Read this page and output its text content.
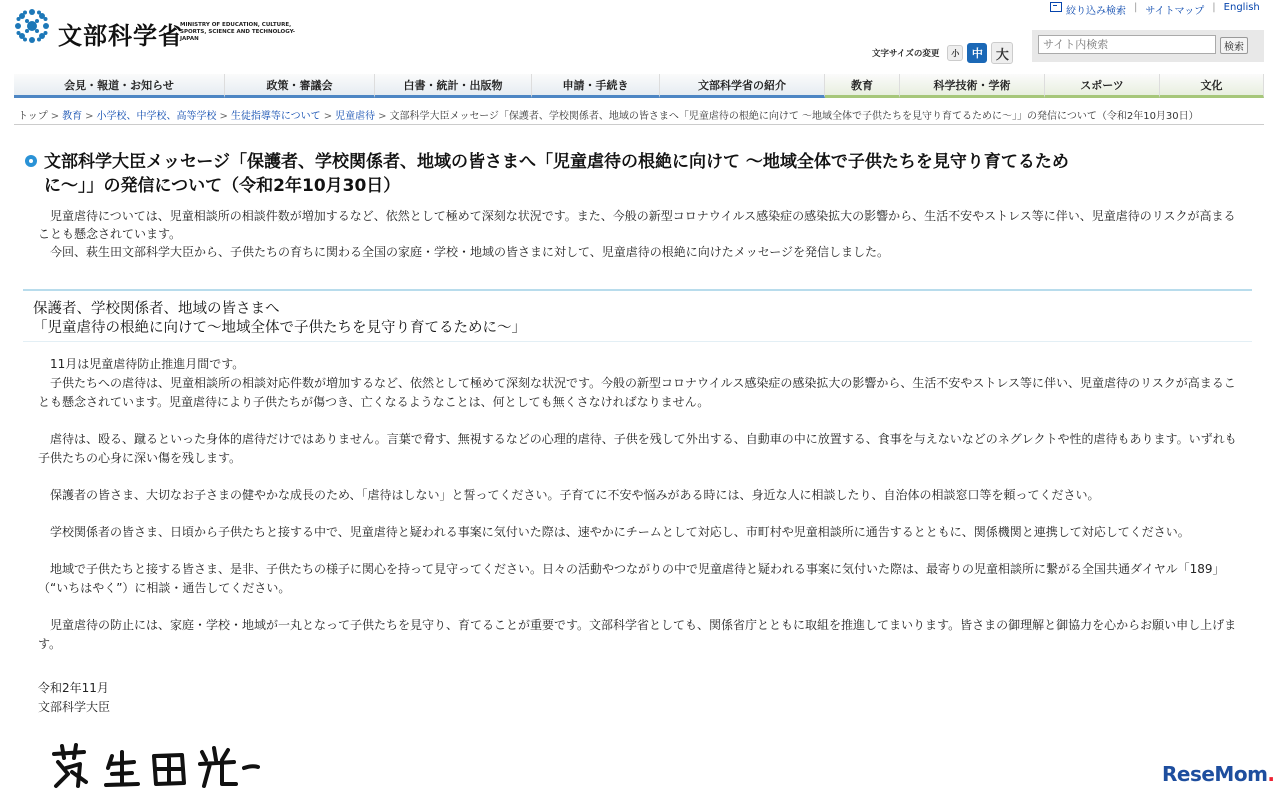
文部科学省
MINISTRY OF EDUCATION, CULTURE, SPORTS, SCIENCE AND TECHNOLOGY-JAPAN
絞り込み検索 | サイトマップ | English
サイト内検索
検索
文字サイズの変更	小	中 大
会見・報道・お知らせ	政策・審議会	白書・統計・出版物	申請・手続き	文部科学省の紹介	教育	科学技術・学術	スポーツ	文化
トップ > 教育 > 小学校、中学校、高等学校 > 生徒指導等について > 児童虐待 > 文部科学大臣メッセージ「保護者、学校関係者、地域の皆さまへ「児童虐待の根絶に向けて ～地域全体で子供たちを見守り育てるために～」」の発信について（令和2年10月30日）
文部科学大臣メッセージ「保護者、学校関係者、地域の皆さまへ「児童虐待の根絶に向けて ～地域全体で子供たちを見守り育てるため
に～」」の発信について（令和2年10月30日）

児童虐待については、児童相談所の相談件数が増加するなど、依然として極めて深刻な状況です。また、今般の新型コロナウイルス感染症の感染拡大の影響から、生活不安やストレス等に伴い、児童虐待のリスクが高まることも懸念されています。

今回、萩生田文部科学大臣から、子供たちの育ちに関わる全国の家庭・学校・地域の皆さまに対して、児童虐待の根絶に向けたメッセージを発信しました。

保護者、学校関係者、地域の皆さまへ
「児童虐待の根絶に向けて～地域全体で子供たちを見守り育てるために～」

11月は児童虐待防止推進月間です。

子供たちへの虐待は、児童相談所の相談対応件数が増加するなど、依然として極めて深刻な状況です。今般の新型コロナウイルス感染症の感染拡大の影響から、生活不安やストレス等に伴い、児童虐待のリスクが高まることも懸念されています。児童虐待により子供たちが傷つき、亡くなるようなことは、何としても無くさなければなりません。

虐待は、殴る、蹴るといった身体的虐待だけではありません。言葉で脅す、無視するなどの心理的虐待、子供を残して外出する、自動車の中に放置する、食事を与えないなどのネグレクトや性的虐待もあります。いずれも子供たちの心身に深い傷を残します。

保護者の皆さま、大切なお子さまの健やかな成長のため、「虐待はしない」と誓ってください。子育てに不安や悩みがある時には、身近な人に相談したり、自治体の相談窓口等を頼ってください。

学校関係者の皆さま、日頃から子供たちと接する中で、児童虐待と疑われる事案に気付いた際は、速やかにチームとして対応し、市町村や児童相談所に通告するとともに、関係機関と連携して対応してください。

地域で子供たちと接する皆さま、是非、子供たちの様子に関心を持って見守ってください。日々の活動やつながりの中で児童虐待と疑われる事案に気付いた際は、最寄りの児童相談所に繋がる全国共通ダイヤル「189」（“いちはやく”）に相談・通告してください。

児童虐待の防止には、家庭・学校・地域が一丸となって子供たちを見守り、育てることが重要です。文部科学省としても、関係省庁とともに取組を推進してまいります。皆さまの御理解と御協力を心からお願い申し上げます。

令和2年11月
文部科学大臣
ReseMom.
